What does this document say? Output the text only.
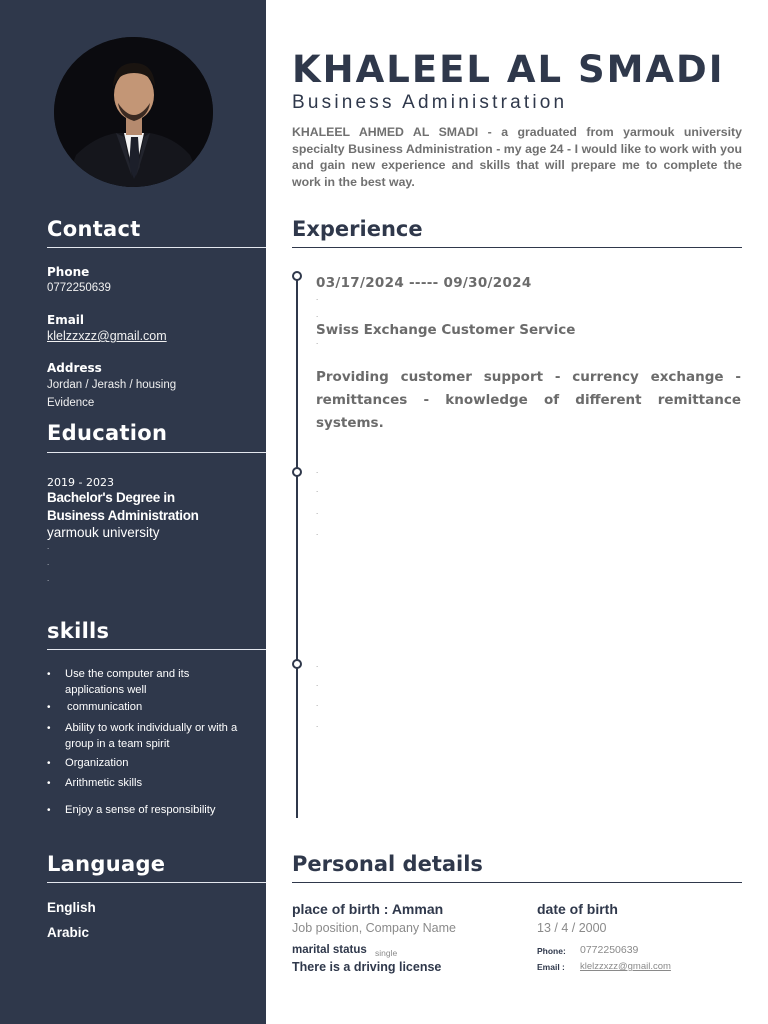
Contact
Phone
0772250639
Email
klelzzxzz@gmail.com
Address
Jordan / Jerash / housing Evidence
Education
2019 - 2023
Bachelor's Degree in Business Administration
yarmouk university
.
.
.
skills
• Use the computer and its applications well
• communication
• Ability to work individually or with a group in a team spirit
• Organization
• Arithmetic skills
• Enjoy a sense of responsibility
Language
English
Arabic
KHALEEL AL SMADI
Business Administration

KHALEEL AHMED AL SMADI - a graduated from yarmouk university specialty Business Administration - my age 24 - I would like to work with you and gain new experience and skills that will prepare me to complete the work in the best way.

Experience
03/17/2024 ----- 09/30/2024
.
.
Swiss Exchange Customer Service
.

Providing customer support - currency exchange - remittances - knowledge of different remittance systems.

.
.
.
.
.
.
.
.
Personal details
place of birth : Amman
Job position, Company Name
marital status single
There is a driving license
date of birth
13 / 4 / 2000
Phone: 0772250639
Email : klelzzxzz@gmail.com
